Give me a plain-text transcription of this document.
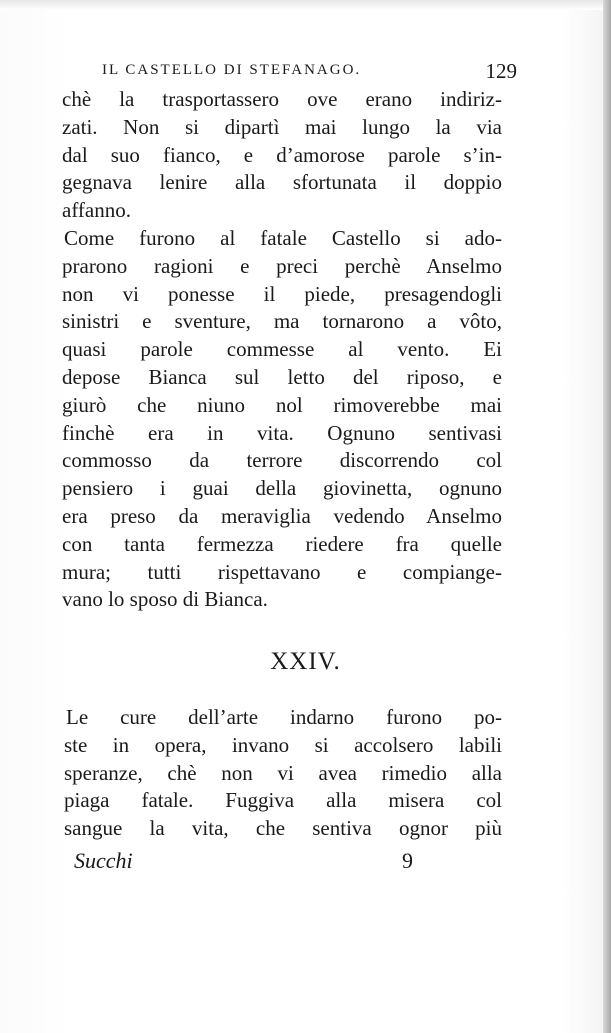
IL CASTELLO DI STEFANAGO.	129
chè la trasportassero ove erano indiriz-
zati. Non si dipartì mai lungo la via
dal suo fianco, e d’amorose parole s’in-
gegnava lenire alla sfortunata il doppio
affanno.
Come furono al fatale Castello si ado-
prarono ragioni e preci perchè Anselmo
non vi ponesse il piede, presagendogli
sinistri e sventure, ma tornarono a vôto,
quasi parole commesse al vento. Ei
depose Bianca sul letto del riposo, e
giurò che niuno nol rimoverebbe mai
finchè era in vita. Ognuno sentivasi
commosso da terrore discorrendo col
pensiero i guai della giovinetta, ognuno
era preso da meraviglia vedendo Anselmo
con tanta fermezza riedere fra quelle
mura; tutti rispettavano e compiange-
vano lo sposo di Bianca.
XXIV.
Le cure dell’arte indarno furono po-
ste in opera, invano si accolsero labili
speranze, chè non vi avea rimedio alla
piaga fatale. Fuggiva alla misera col
sangue la vita, che sentiva ognor più
Succhi	9
